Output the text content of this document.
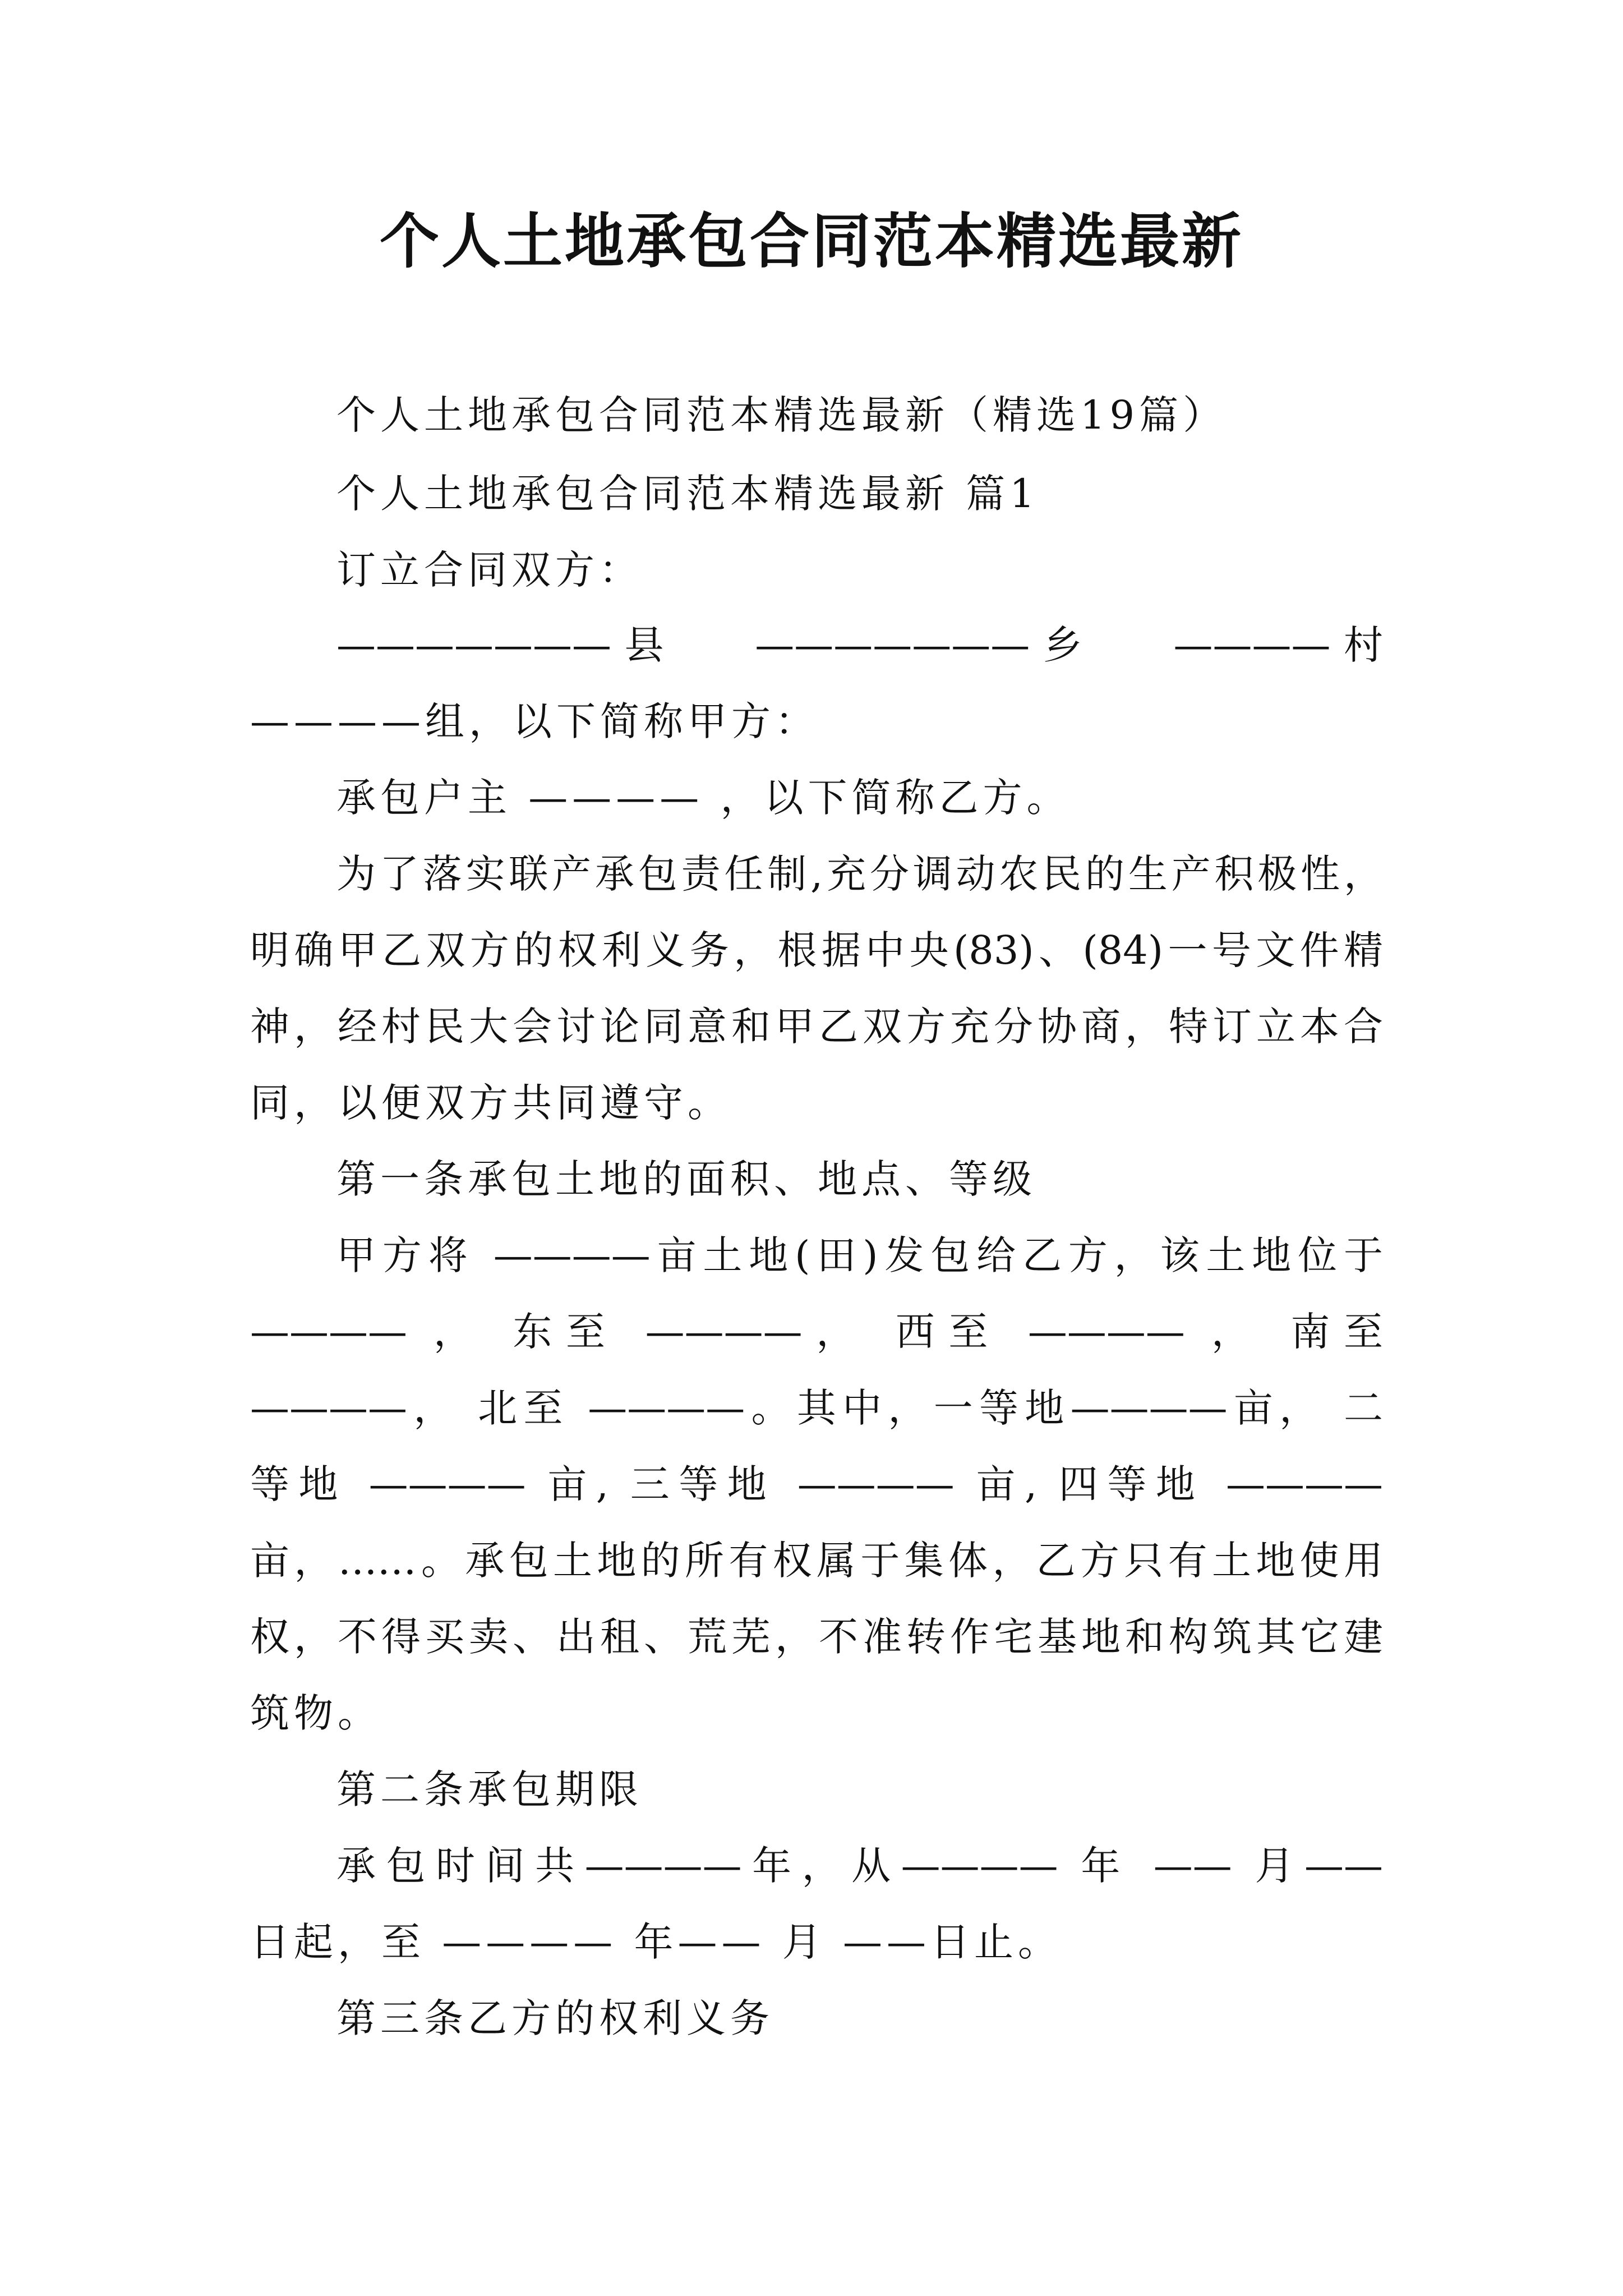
个人土地承包合同范本精选最新
个人土地承包合同范本精选最新（精选19篇）
个人土地承包合同范本精选最新 篇1
订立合同双方：
———————县　 ———————乡　 ————村
————组，以下简称甲方：
承包户主 ———— ，以下简称乙方。
为了落实联产承包责任制,充分调动农民的生产积极性，
明确甲乙双方的权利义务，根据中央(83)、(84)一号文件精
神，经村民大会讨论同意和甲乙双方充分协商，特订立本合
同，以便双方共同遵守。
第一条承包土地的面积、地点、等级
甲方将 ————亩土地(田)发包给乙方，该土地位于
———— ， 东至 ————， 西至 ———— ， 南至
————， 北至 ————。其中，一等地————亩， 二
等地 ———— 亩, 三等地 ———— 亩, 四等地 ————
亩，……。承包土地的所有权属于集体，乙方只有土地使用
权，不得买卖、出租、荒芜，不准转作宅基地和构筑其它建
筑物。
第二条承包期限
承包时间共————年，从———— 年 —— 月——
日起，至 ———— 年—— 月 ——日止。
第三条乙方的权利义务
